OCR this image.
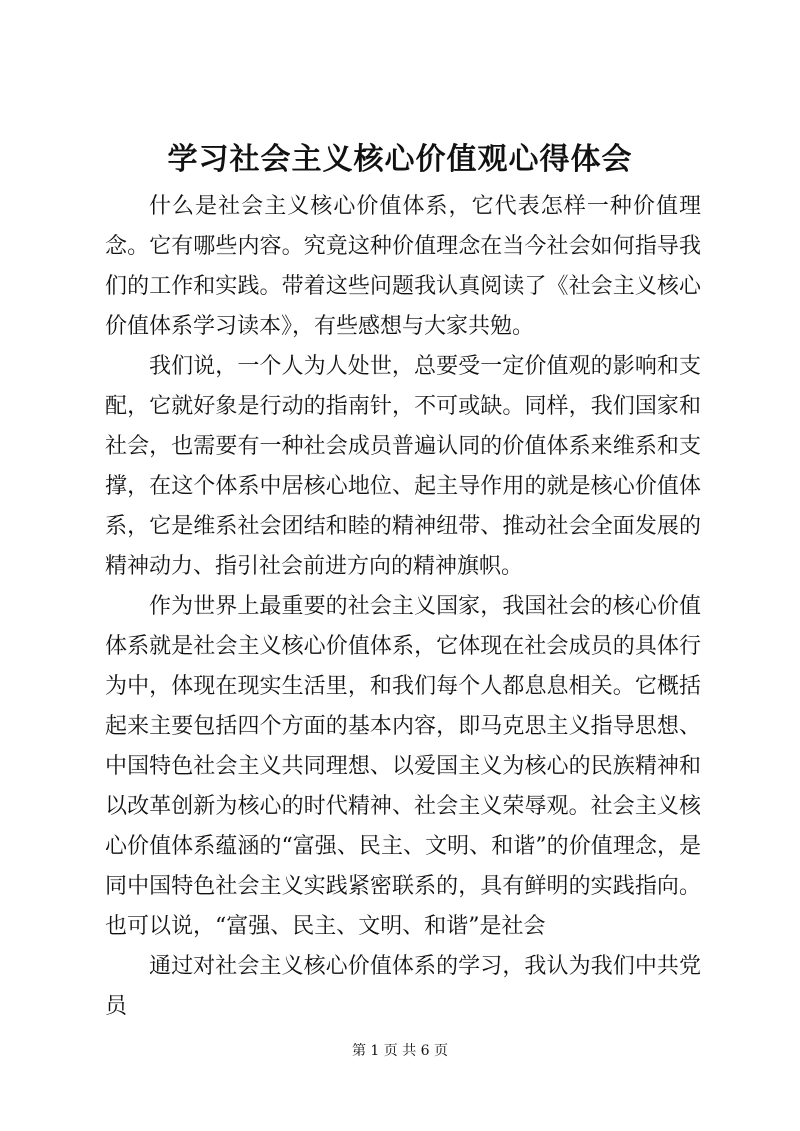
学习社会主义核心价值观心得体会

什么是社会主义核心价值体系，它代表怎样一种价值理念。它有哪些内容。究竟这种价值理念在当今社会如何指导我们的工作和实践。带着这些问题我认真阅读了《社会主义核心价值体系学习读本》，有些感想与大家共勉。

我们说，一个人为人处世，总要受一定价值观的影响和支配，它就好象是行动的指南针，不可或缺。同样，我们国家和社会，也需要有一种社会成员普遍认同的价值体系来维系和支撑，在这个体系中居核心地位、起主导作用的就是核心价值体系，它是维系社会团结和睦的精神纽带、推动社会全面发展的精神动力、指引社会前进方向的精神旗帜。

作为世界上最重要的社会主义国家，我国社会的核心价值体系就是社会主义核心价值体系，它体现在社会成员的具体行为中，体现在现实生活里，和我们每个人都息息相关。它概括起来主要包括四个方面的基本内容，即马克思主义指导思想、中国特色社会主义共同理想、以爱国主义为核心的民族精神和以改革创新为核心的时代精神、社会主义荣辱观。社会主义核心价值体系蕴涵的“富强、民主、文明、和谐”的价值理念，是同中国特色社会主义实践紧密联系的，具有鲜明的实践指向。也可以说，“富强、民主、文明、和谐”是社会

通过对社会主义核心价值体系的学习，我认为我们中共党员

第 1 页 共 6 页
